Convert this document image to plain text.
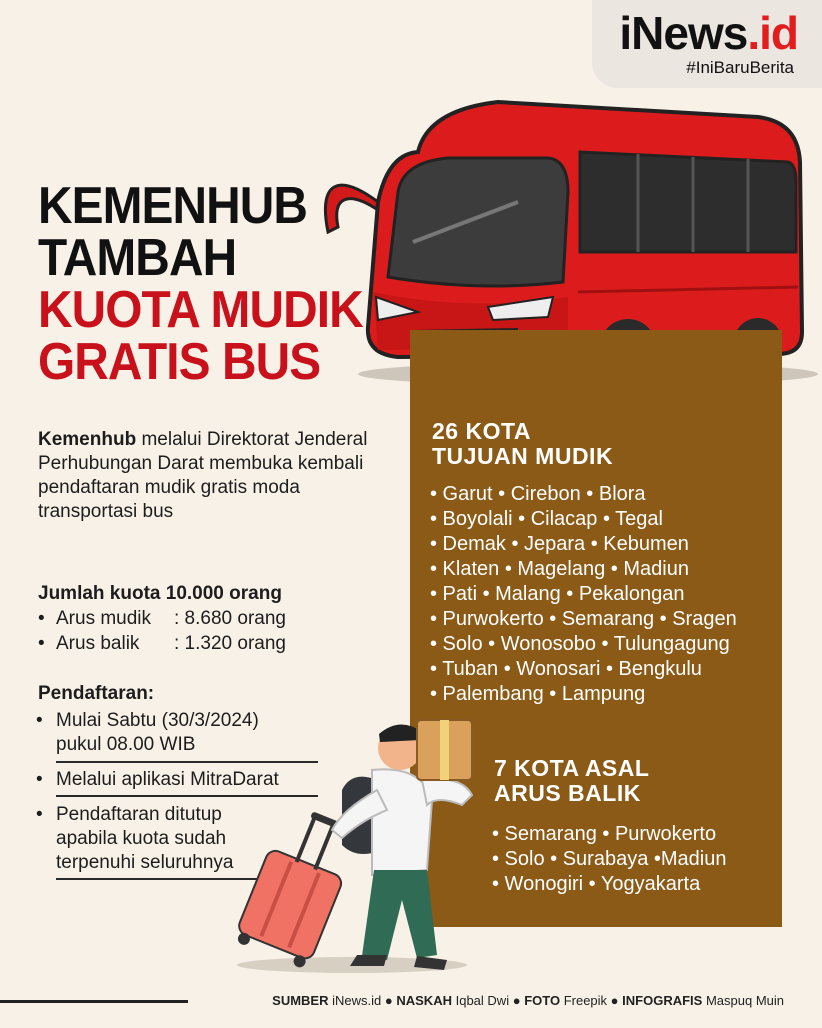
iNews.id
#IniBaruBerita
KEMENHUB
TAMBAH
KUOTA MUDIK
GRATIS BUS
Kemenhub melalui Direktorat Jenderal Perhubungan Darat membuka kembali pendaftaran mudik gratis moda transportasi bus
Jumlah kuota 10.000 orang
• Arus mudik : 8.680 orang
• Arus balik : 1.320 orang
Pendaftaran:
• Mulai Sabtu (30/3/2024)
pukul 08.00 WIB
• Melalui aplikasi MitraDarat
• Pendaftaran ditutup
apabila kuota sudah
terpenuhi seluruhnya
26 KOTA
TUJUAN MUDIK
• Garut • Cirebon • Blora
• Boyolali • Cilacap • Tegal
• Demak • Jepara • Kebumen
• Klaten • Magelang • Madiun
• Pati • Malang • Pekalongan
• Purwokerto • Semarang • Sragen
• Solo • Wonosobo • Tulungagung
• Tuban • Wonosari • Bengkulu
• Palembang • Lampung
7 KOTA ASAL
ARUS BALIK
• Semarang • Purwokerto
• Solo • Surabaya •Madiun
• Wonogiri • Yogyakarta
SUMBER iNews.id ● NASKAH Iqbal Dwi ● FOTO Freepik ● INFOGRAFIS Maspuq Muin
